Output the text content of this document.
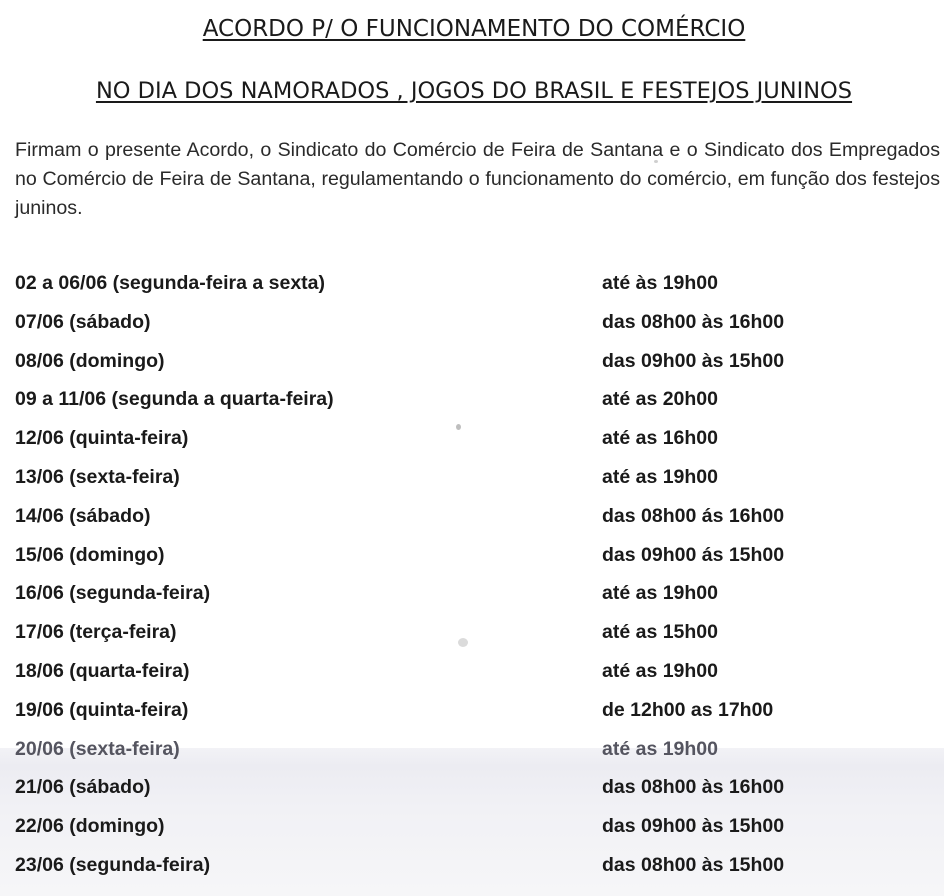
ACORDO P/ O FUNCIONAMENTO DO COMÉRCIO
NO DIA DOS NAMORADOS , JOGOS DO BRASIL E FESTEJOS JUNINOS
Firmam o presente Acordo, o Sindicato do Comércio de Feira de Santana e o Sindicato dos Empregados no Comércio de Feira de Santana, regulamentando o funcionamento do comércio, em função dos festejos juninos.
02 a 06/06 (segunda-feira a sexta)	até às 19h00
07/06 (sábado)	das 08h00 às 16h00
08/06 (domingo)	das 09h00 às 15h00
09 a 11/06 (segunda a quarta-feira)	até as 20h00
12/06 (quinta-feira)	até as 16h00
13/06 (sexta-feira)	até as 19h00
14/06 (sábado)	das 08h00 ás 16h00
15/06 (domingo)	das 09h00 ás 15h00
16/06 (segunda-feira)	até as 19h00
17/06 (terça-feira)	até as 15h00
18/06 (quarta-feira)	até as 19h00
19/06 (quinta-feira)	de 12h00 as 17h00
20/06 (sexta-feira)	até as 19h00
21/06 (sábado)	das 08h00 às 16h00
22/06 (domingo)	das 09h00 às 15h00
23/06 (segunda-feira)	das 08h00 às 15h00
